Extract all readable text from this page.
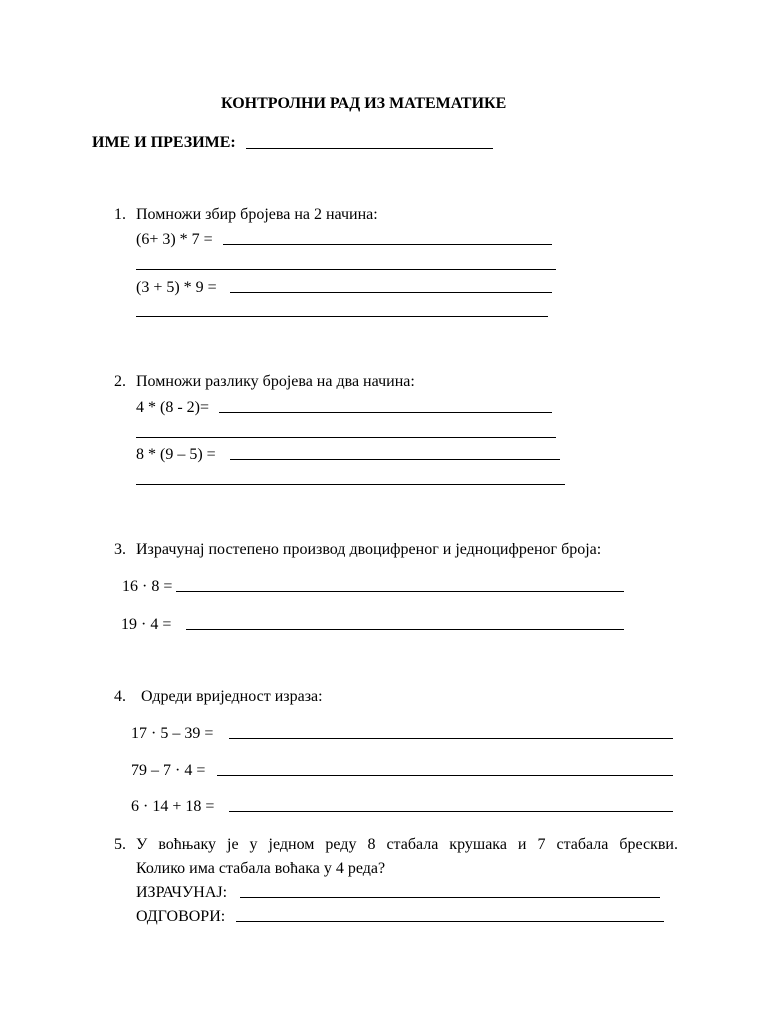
КОНТРОЛНИ РАД ИЗ МАТЕМАТИКЕ
ИМЕ И ПРЕЗИМЕ:
1. Помножи збир бројева на 2 начина:
(6+ 3) * 7 =
(3 + 5) * 9 =
2. Помножи разлику бројева на два начина:
4 * (8 - 2)=
8 * (9 – 5) =
3. Израчунај постепено производ двоцифреног и једноцифреног броја:
16 · 8 =
19 · 4 =
4. Одреди вриједност израза:
17 · 5 – 39 =
79 – 7 · 4 =
6 · 14 + 18 =
5. У воћњаку је у једном реду 8 стабала крушака и 7 стабала брескви.
Колико има стабала воћака у 4 реда?
ИЗРАЧУНАЈ:
ОДГОВОРИ:
